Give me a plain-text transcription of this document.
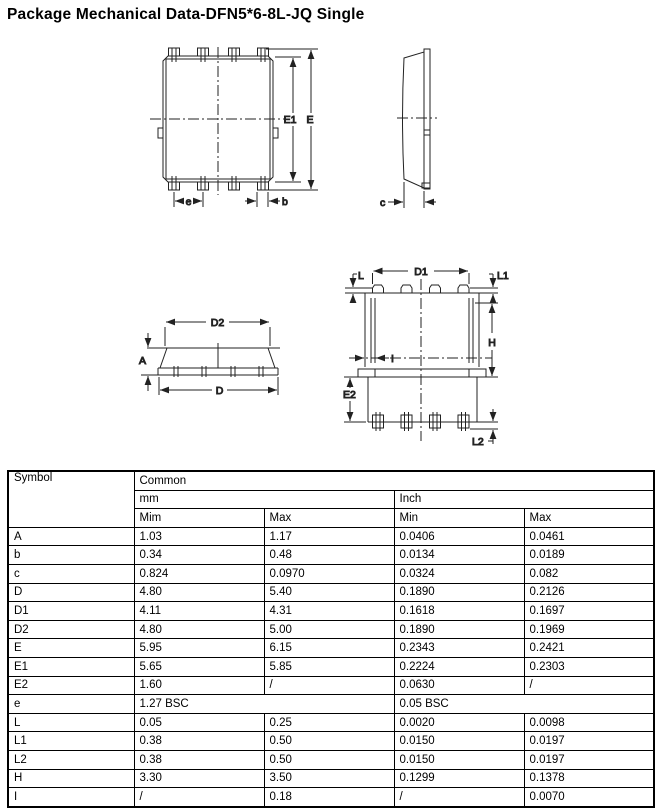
Package Mechanical Data-DFN5*6-8L-JQ Single
E1 E
e	b	c
D2
A
D
D1
L	L1
H
I
E2
L2
Symbol	Common			
	mm		Inch	
	Mim	Max	Min	Max
A	1.03	1.17	0.0406	0.0461
b	0.34	0.48	0.0134	0.0189
c	0.824	0.0970	0.0324	0.082
D	4.80	5.40	0.1890	0.2126
D1	4.11	4.31	0.1618	0.1697
D2	4.80	5.00	0.1890	0.1969
E	5.95	6.15	0.2343	0.2421
E1	5.65	5.85	0.2224	0.2303
E2	1.60	/	0.0630	/
e	1.27 BSC		0.05 BSC	
L	0.05	0.25	0.0020	0.0098
L1	0.38	0.50	0.0150	0.0197
L2	0.38	0.50	0.0150	0.0197
H	3.30	3.50	0.1299	0.1378
I	/	0.18	/	0.0070
